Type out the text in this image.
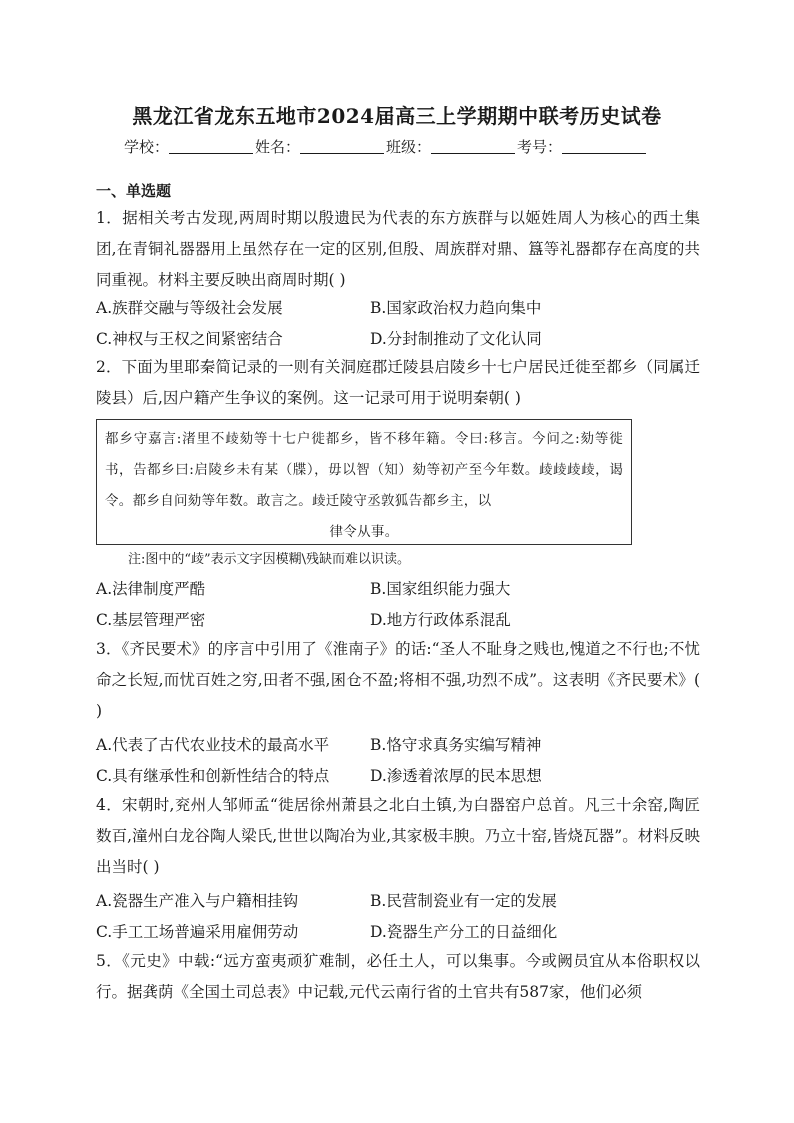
黑龙江省龙东五地市2024届高三上学期期中联考历史试卷
学校：	姓名：	班级：	考号：
一、单选题
1．据相关考古发现,两周时期以殷遗民为代表的东方族群与以姬姓周人为核心的西土集团,在青铜礼器器用上虽然存在一定的区别,但殷、周族群对鼎、簋等礼器都存在高度的共同重视。材料主要反映出商周时期( )
A.族群交融与等级社会发展	B.国家政治权力趋向集中
C.神权与王权之间紧密结合	D.分封制推动了文化认同
2．下面为里耶秦简记录的一则有关洞庭郡迁陵县启陵乡十七户居民迁徙至都乡（同属迁陵县）后,因户籍产生争议的案例。这一记录可用于说明秦朝( )
都乡守嘉言:渚里不𣥻劾等十七户徙都乡，皆不移年籍。令曰:移言。今问之:劾等徙书，告都乡曰:启陵乡未有某（牒），毋以智（知）劾等初产至今年数。𣥻𣥻𣥻𣥻，谒令。都乡自问劾等年数。敢言之。𣥻迁陵守丞敦狐告都乡主，以
律令从事。
注:图中的“𣥻”表示文字因模糊\残缺而难以识读。
A.法律制度严酷	B.国家组织能力强大
C.基层管理严密	D.地方行政体系混乱
3．《齐民要术》的序言中引用了《淮南子》的话:“圣人不耻身之贱也,愧道之不行也;不忧命之长短,而忧百姓之穷,田者不强,囷仓不盈;将相不强,功烈不成”。这表明《齐民要术》( )
A.代表了古代农业技术的最高水平	B.恪守求真务实编写精神
C.具有继承性和创新性结合的特点	D.渗透着浓厚的民本思想
4．宋朝时,兖州人邹师孟“徙居徐州萧县之北白土镇,为白器窑户总首。凡三十余窑,陶匠数百,潼州白龙谷陶人梁氏,世世以陶冶为业,其家极丰腴。乃立十窑,皆烧瓦器”。材料反映出当时( )
A.瓷器生产准入与户籍相挂钩	B.民营制瓷业有一定的发展
C.手工工场普遍采用雇佣劳动	D.瓷器生产分工的日益细化
5．《元史》中载:“远方蛮夷顽犷难制，必任土人，可以集事。今或阙员宜从本俗职权以行。据龚荫《全国土司总表》中记载,元代云南行省的土官共有587家，他们必须
